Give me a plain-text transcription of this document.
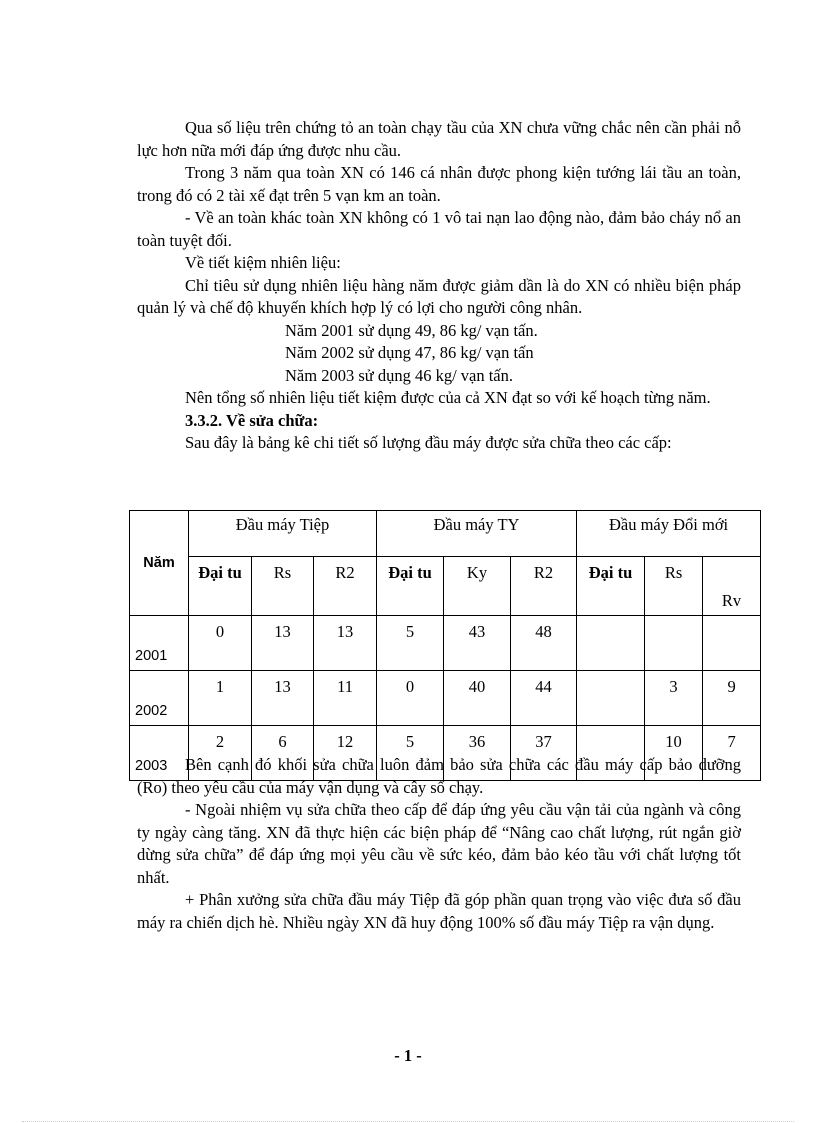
Qua số liệu trên chứng tỏ an toàn chạy tầu của XN chưa vững chắc nên cần phải nỗ lực hơn nữa mới đáp ứng được nhu cầu.

Trong 3 năm qua toàn XN có 146 cá nhân được phong kiện tướng lái tầu an toàn, trong đó có 2 tài xế đạt trên 5 vạn km an toàn.

- Về an toàn khác toàn XN không có 1 vô tai nạn lao động nào, đảm bảo cháy nổ an toàn tuyệt đối.

Về tiết kiệm nhiên liệu:

Chỉ tiêu sử dụng nhiên liệu hàng năm được giảm dần là do XN có nhiều biện pháp quản lý và chế độ khuyến khích hợp lý có lợi cho người công nhân.

Năm 2001 sử dụng 49, 86 kg/ vạn tấn.

Năm 2002 sử dụng 47, 86 kg/ vạn tấn

Năm 2003 sử dụng 46 kg/ vạn tấn.

Nên tổng số nhiên liệu tiết kiệm được của cả XN đạt so với kế hoạch từng năm.

3.3.2. Về sửa chữa:

Sau đây là bảng kê chi tiết số lượng đầu máy được sửa chữa theo các cấp:

Năm	Đầu máy Tiệp			Đầu máy TY			Đầu máy Đổi mới		
	Đại tu	Rs	R2	Đại tu	Ky	R2	Đại tu	Rs	Rv
2001	0	13	13	5	43	48			
2002	1	13	11	0	40	44		3	9
2003	2	6	12	5	36	37		10	7

Bên cạnh đó khối sửa chữa luôn đảm bảo sửa chữa các đầu máy cấp bảo dưỡng (Ro) theo yêu cầu của máy vận dụng và cây số chạy.

- Ngoài nhiệm vụ sửa chữa theo cấp để đáp ứng yêu cầu vận tải của ngành và công ty ngày càng tăng. XN đã thực hiện các biện pháp để “Nâng cao chất lượng, rút ngắn giờ dừng sửa chữa” để đáp ứng mọi yêu cầu về sức kéo, đảm bảo kéo tầu với chất lượng tốt nhất.

+ Phân xưởng sửa chữa đầu máy Tiệp đã góp phần quan trọng vào việc đưa số đầu máy ra chiến dịch hè. Nhiều ngày XN đã huy động 100% số đầu máy Tiệp ra vận dụng.

- 1 -
